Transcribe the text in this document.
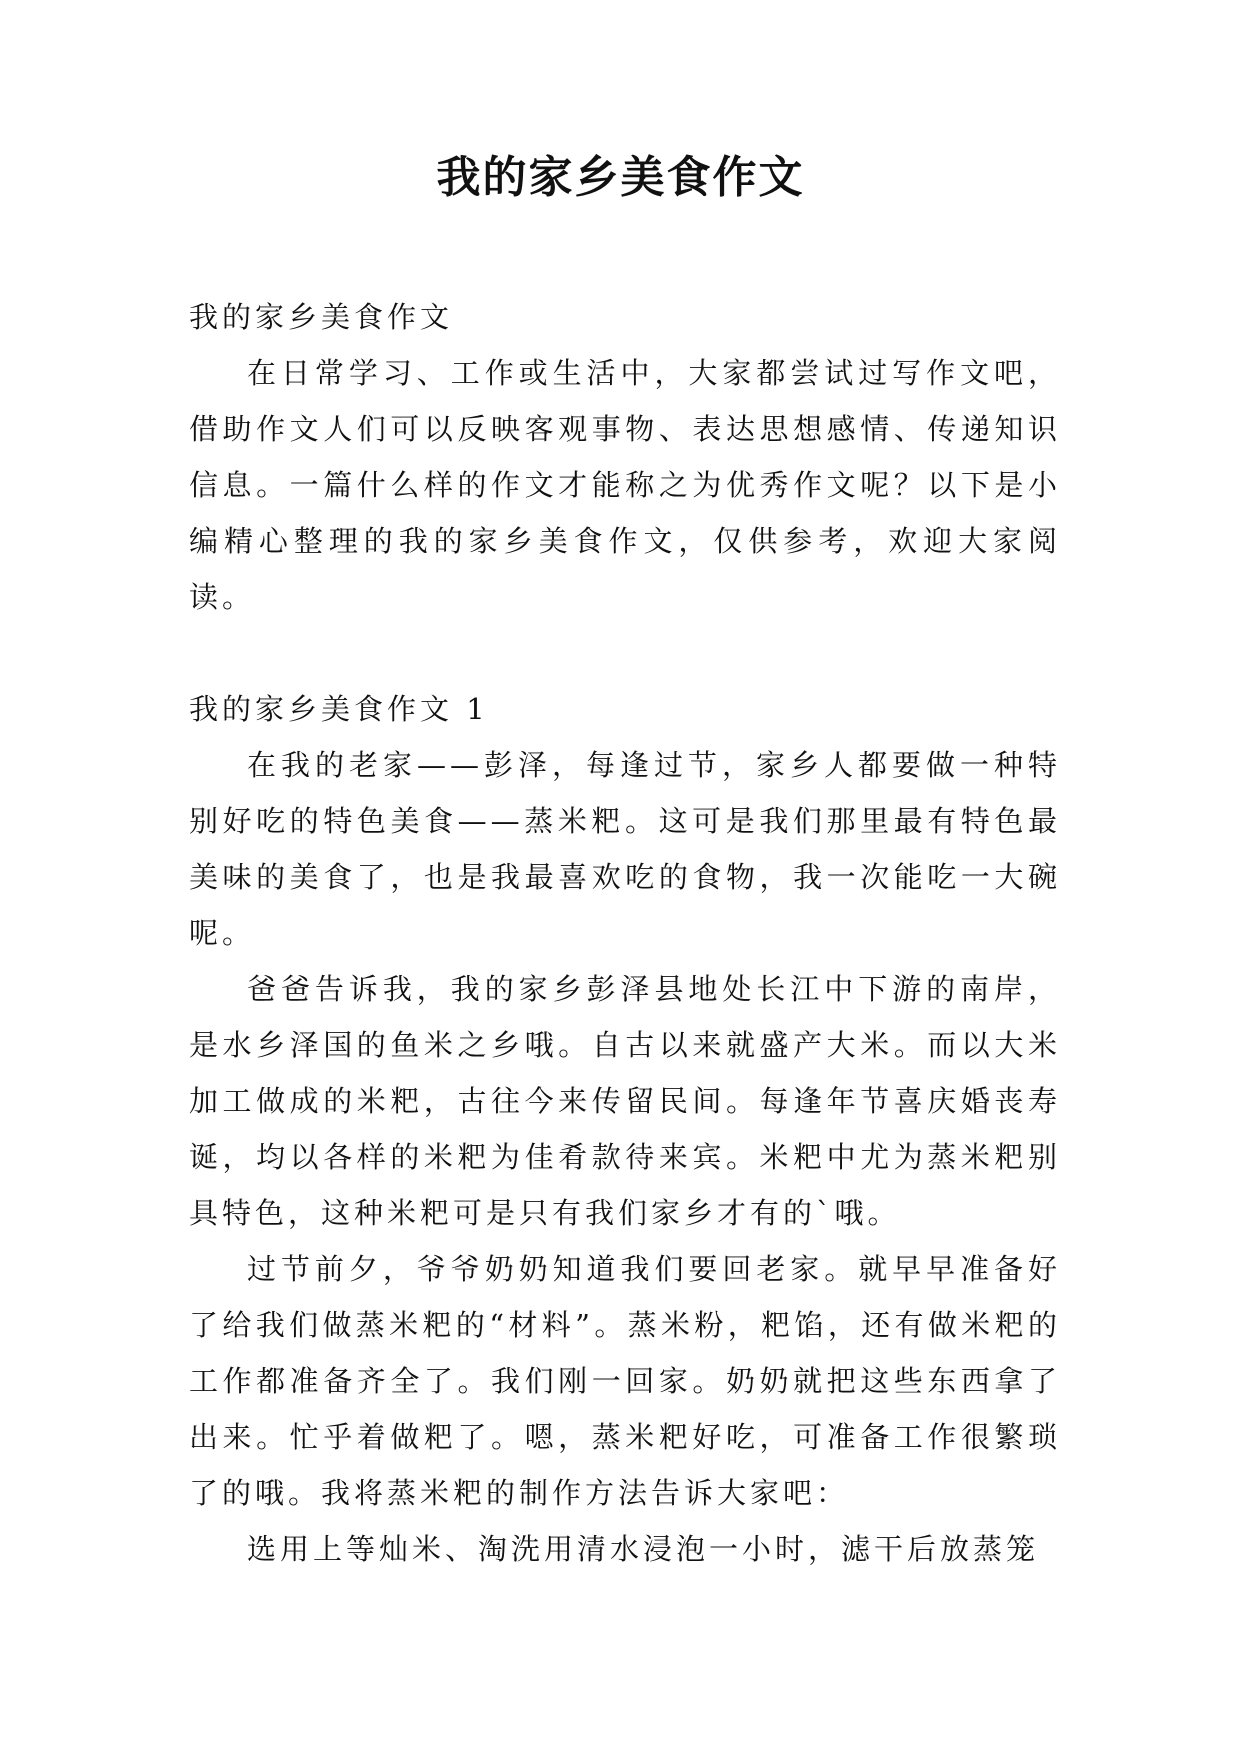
我的家乡美食作文

我的家乡美食作文

在日常学习、工作或生活中，大家都尝试过写作文吧，借助作文人们可以反映客观事物、表达思想感情、传递知识信息。一篇什么样的作文才能称之为优秀作文呢？以下是小编精心整理的我的家乡美食作文，仅供参考，欢迎大家阅读。

我的家乡美食作文 1

在我的老家——彭泽，每逢过节，家乡人都要做一种特别好吃的特色美食——蒸米粑。这可是我们那里最有特色最美味的美食了，也是我最喜欢吃的食物，我一次能吃一大碗呢。

爸爸告诉我，我的家乡彭泽县地处长江中下游的南岸，是水乡泽国的鱼米之乡哦。自古以来就盛产大米。而以大米加工做成的米粑，古往今来传留民间。每逢年节喜庆婚丧寿诞，均以各样的米粑为佳肴款待来宾。米粑中尤为蒸米粑别具特色，这种米粑可是只有我们家乡才有的`哦。

过节前夕，爷爷奶奶知道我们要回老家。就早早准备好了给我们做蒸米粑的“材料”。蒸米粉，粑馅，还有做米粑的工作都准备齐全了。我们刚一回家。奶奶就把这些东西拿了出来。忙乎着做粑了。嗯，蒸米粑好吃，可准备工作很繁琐了的哦。我将蒸米粑的制作方法告诉大家吧：

选用上等灿米、淘洗用清水浸泡一小时，滤干后放蒸笼
